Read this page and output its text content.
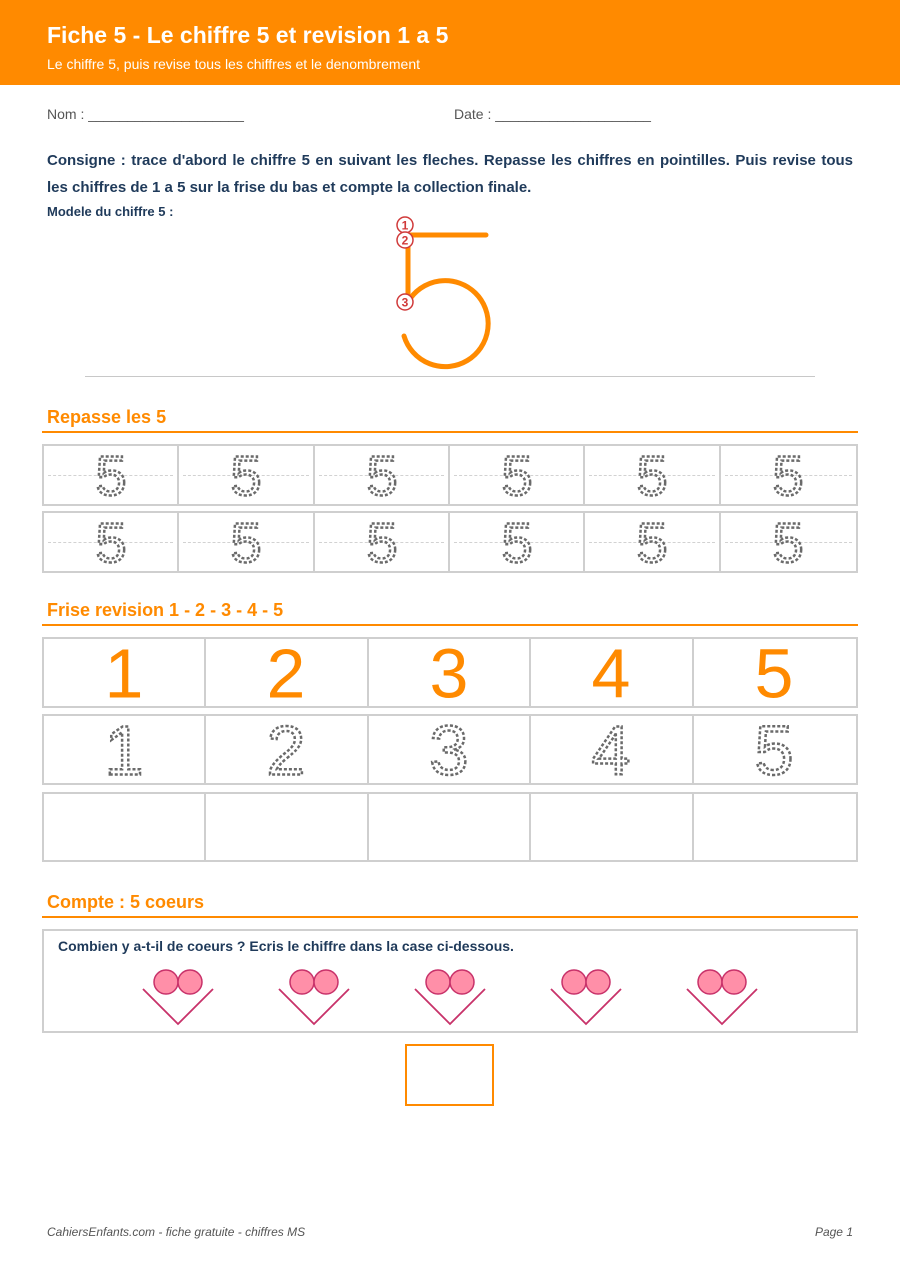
Fiche 5 - Le chiffre 5 et revision 1 a 5
Le chiffre 5, puis revise tous les chiffres et le denombrement
Nom : ____________________	Date : ____________________
Consigne : trace d'abord le chiffre 5 en suivant les fleches. Repasse les chiffres en pointilles. Puis revise tous les chiffres de 1 a 5 sur la frise du bas et compte la collection finale.
Modele du chiffre 5 :
1
2
3
Repasse les 5
5 5 5 5 5 5
5 5 5 5 5 5
Frise revision 1 - 2 - 3 - 4 - 5
1 2 3 4 5
1 2 3 4 5
Compte : 5 coeurs
Combien y a-t-il de coeurs ? Ecris le chiffre dans la case ci-dessous.
CahiersEnfants.com - fiche gratuite - chiffres MS	Page 1
